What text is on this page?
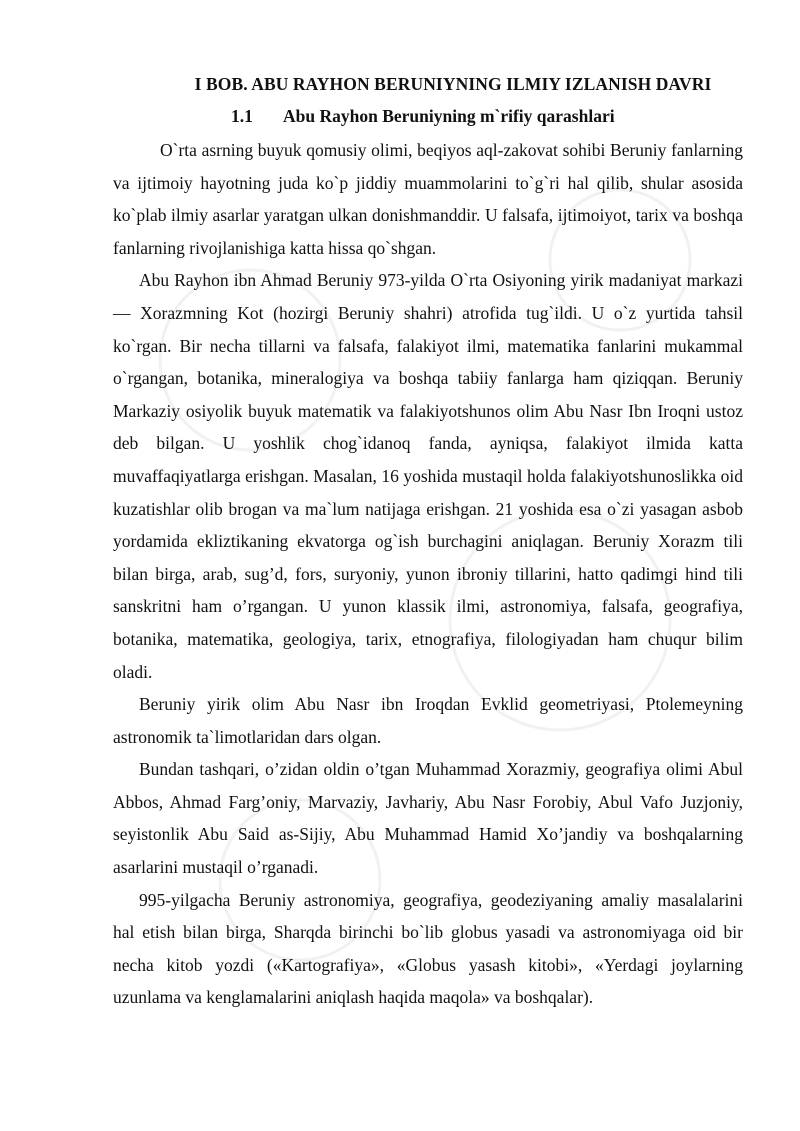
I BOB. ABU RAYHON BERUNIYNING ILMIY IZLANISH DAVRI
1.1 Abu Rayhon Beruniyning m`rifiy qarashlari

O`rta asrning buyuk qomusiy olimi, beqiyos aql-zakovat sohibi Beruniy fanlarning va ijtimoiy hayotning juda ko`p jiddiy muammolarini to`g`ri hal qilib, shular asosida ko`plab ilmiy asarlar yaratgan ulkan donishmanddir. U falsafa, ijtimoiyot, tarix va boshqa fanlarning rivojlanishiga katta hissa qo`shgan.

Abu Rayhon ibn Ahmad Beruniy 973-yilda O`rta Osiyoning yirik madaniyat markazi — Xorazmning Kot (hozirgi Beruniy shahri) atrofida tug`ildi. U o`z yurtida tahsil ko`rgan. Bir necha tillarni va falsafa, falakiyot ilmi, matematika fanlarini mukammal o`rgangan, botanika, mineralogiya va boshqa tabiiy fanlarga ham qiziqqan. Beruniy Markaziy osiyolik buyuk matematik va falakiyotshunos olim Abu Nasr Ibn Iroqni ustoz deb bilgan. U yoshlik chog`idanoq fanda, ayniqsa, falakiyot ilmida katta muvaffaqiyatlarga erishgan. Masalan, 16 yoshida mustaqil holda falakiyotshunoslikka oid kuzatishlar olib brogan va ma`lum natijaga erishgan. 21 yoshida esa o`zi yasagan asbob yordamida ekliztikaning ekvatorga og`ish burchagini aniqlagan. Beruniy Xorazm tili bilan birga, arab, sug’d, fors, suryoniy, yunon ibroniy tillarini, hatto qadimgi hind tili sanskritni ham o’rgangan. U yunon klassik ilmi, astronomiya, falsafa, geografiya, botanika, matematika, geologiya, tarix, etnografiya, filologiyadan ham chuqur bilim oladi.

Beruniy yirik olim Abu Nasr ibn Iroqdan Evklid geometriyasi, Ptolemeyning astronomik ta`limotlaridan dars olgan.

Bundan tashqari, o’zidan oldin o’tgan Muhammad Xorazmiy, geografiya olimi Abul Abbos, Ahmad Farg’oniy, Marvaziy, Javhariy, Abu Nasr Forobiy, Abul Vafo Juzjoniy, seyistonlik Abu Said as-Sijiy, Abu Muhammad Hamid Xo’jandiy va boshqalarning asarlarini mustaqil o’rganadi.

995-yilgacha Beruniy astronomiya, geografiya, geodeziyaning amaliy masalalarini hal etish bilan birga, Sharqda birinchi bo`lib globus yasadi va astronomiyaga oid bir necha kitob yozdi («Kartografiya», «Globus yasash kitobi», «Yerdagi joylarning uzunlama va kenglamalarini aniqlash haqida maqola» va boshqalar).
